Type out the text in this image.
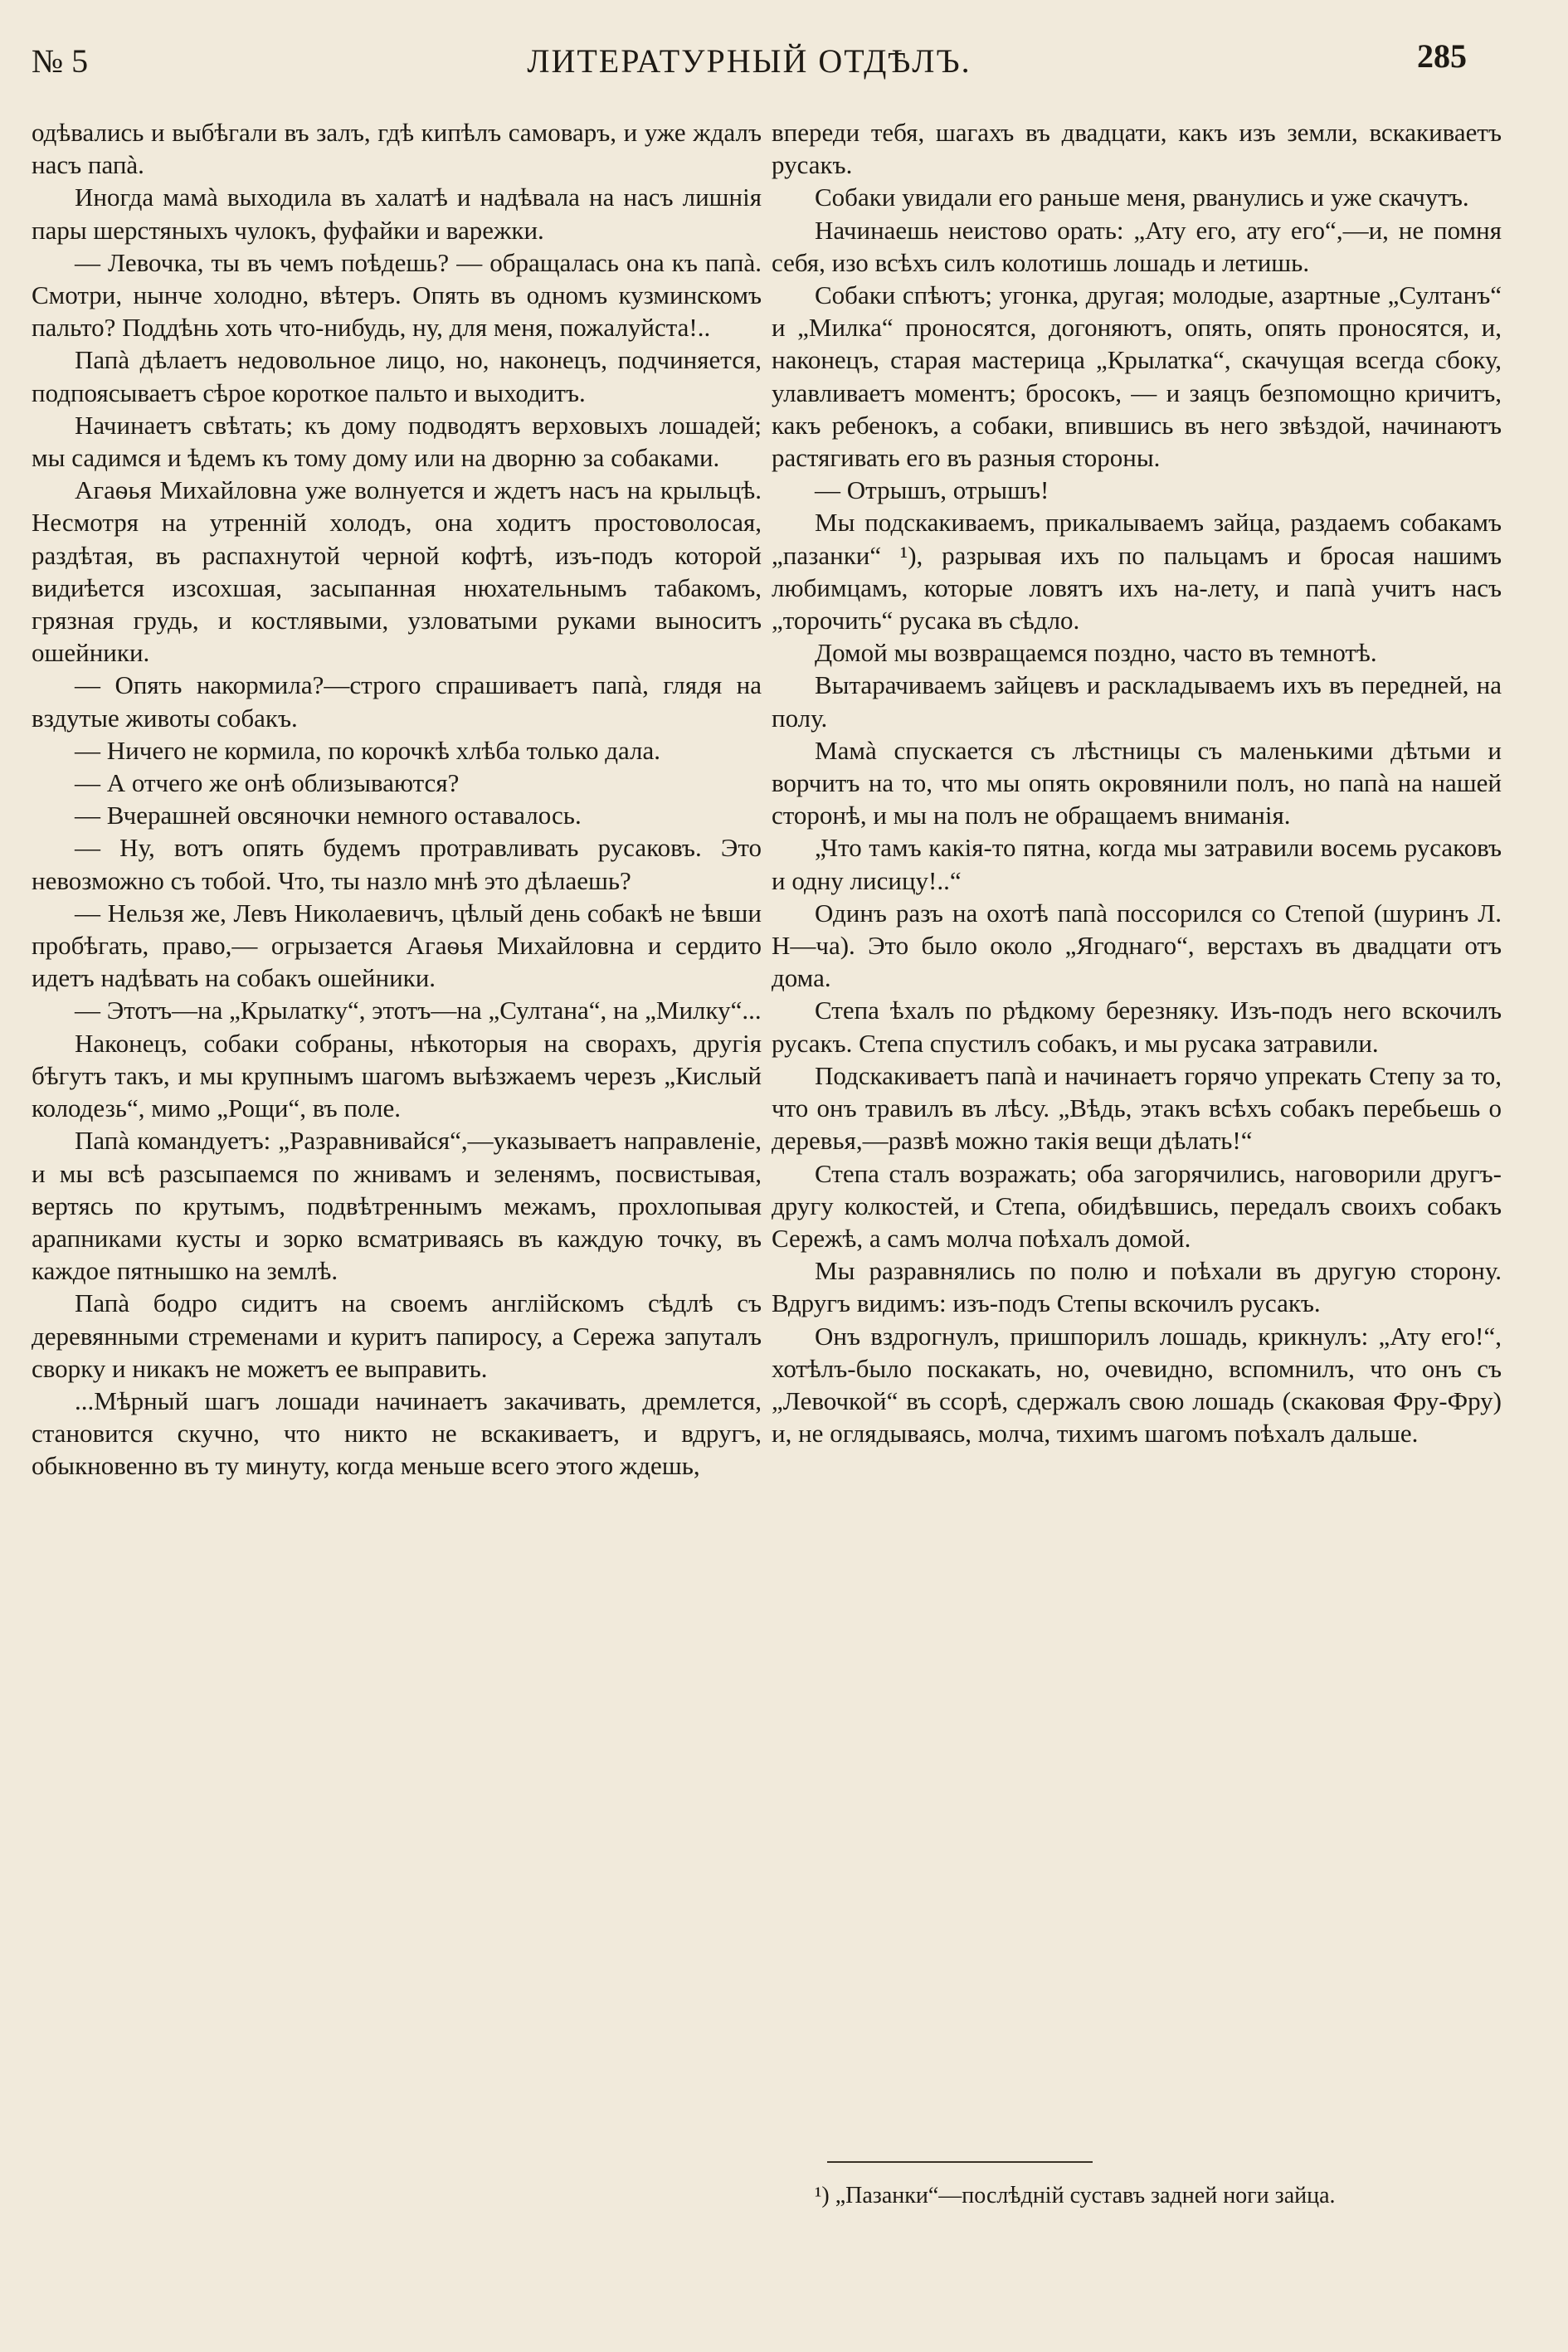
№ 5	ЛИТЕРАТУРНЫЙ ОТДѢЛЪ.	285

одѣвались и выбѣгали въ залъ, гдѣ кипѣлъ самоваръ, и уже ждалъ насъ папà.

Иногда мамà выходила въ халатѣ и надѣвала на насъ лишнія пары шерстяныхъ чулокъ, фуфайки и варежки.

— Левочка, ты въ чемъ поѣдешь? — обращалась она къ папà. Смотри, нынче холодно, вѣтеръ. Опять въ одномъ кузминскомъ пальто? Поддѣнь хоть что-нибудь, ну, для меня, пожалуйста!..

Папà дѣлаетъ недовольное лицо, но, наконецъ, подчиняется, подпоясываетъ сѣрое короткое пальто и выходитъ.

Начинаетъ свѣтать; къ дому подводятъ верховыхъ лошадей; мы садимся и ѣдемъ къ тому дому или на дворню за собаками.

Агаѳья Михайловна уже волнуется и ждетъ насъ на крыльцѣ. Несмотря на утренній холодъ, она ходитъ простоволосая, раздѣтая, въ распахнутой черной кофтѣ, изъ-подъ которой видиѣется изсохшая, засыпанная нюхательнымъ табакомъ, грязная грудь, и костлявыми, узловатыми руками выноситъ ошейники.

— Опять накормила?—строго спрашиваетъ папà, глядя на вздутые животы собакъ.

— Ничего не кормила, по корочкѣ хлѣба только дала.

— А отчего же онѣ облизываются?

— Вчерашней овсяночки немного оставалось.

— Ну, вотъ опять будемъ протравливать русаковъ. Это невозможно съ тобой. Что, ты назло мнѣ это дѣлаешь?

— Нельзя же, Левъ Николаевичъ, цѣлый день собакѣ не ѣвши пробѣгать, право,— огрызается Агаѳья Михайловна и сердито идетъ надѣвать на собакъ ошейники.

— Этотъ—на „Крылатку“, этотъ—на „Султана“, на „Милку“...

Наконецъ, собаки собраны, нѣкоторыя на сворахъ, другія бѣгутъ такъ, и мы крупнымъ шагомъ выѣзжаемъ черезъ „Кислый колодезь“, мимо „Рощи“, въ поле.

Папà командуетъ: „Разравнивайся“,—указываетъ направленіе, и мы всѣ разсыпаемся по жнивамъ и зеленямъ, посвистывая, вертясь по крутымъ, подвѣтреннымъ межамъ, прохлопывая арапниками кусты и зорко всматриваясь въ каждую точку, въ каждое пятнышко на землѣ.

Папà бодро сидитъ на своемъ англійскомъ сѣдлѣ съ деревянными стременами и куритъ папиросу, а Сережа запуталъ сворку и никакъ не можетъ ее выправить.

...Мѣрный шагъ лошади начинаетъ закачивать, дремлется, становится скучно, что никто не вскакиваетъ, и вдругъ, обыкновенно въ ту минуту, когда меньше всего этого ждешь,

впереди тебя, шагахъ въ двадцати, какъ изъ земли, вскакиваетъ русакъ.

Собаки увидали его раньше меня, рванулись и уже скачутъ.

Начинаешь неистово орать: „Ату его, ату его“,—и, не помня себя, изо всѣхъ силъ колотишь лошадь и летишь.

Собаки спѣютъ; угонка, другая; молодые, азартные „Султанъ“ и „Милка“ проносятся, догоняютъ, опять, опять проносятся, и, наконецъ, старая мастерица „Крылатка“, скачущая всегда сбоку, улавливаетъ моментъ; бросокъ, — и заяцъ безпомощно кричитъ, какъ ребенокъ, а собаки, впившись въ него звѣздой, начинаютъ растягивать его въ разныя стороны.

— Отрышъ, отрышъ!

Мы подскакиваемъ, прикалываемъ зайца, раздаемъ собакамъ „пазанки“ ¹), разрывая ихъ по пальцамъ и бросая нашимъ любимцамъ, которые ловятъ ихъ на-лету, и папà учитъ насъ „торочить“ русака въ сѣдло.

Домой мы возвращаемся поздно, часто въ темнотѣ.

Вытарачиваемъ зайцевъ и раскладываемъ ихъ въ передней, на полу.

Мамà спускается съ лѣстницы съ маленькими дѣтьми и ворчитъ на то, что мы опять окровянили полъ, но папà на нашей сторонѣ, и мы на полъ не обращаемъ вниманія.

„Что тамъ какія-то пятна, когда мы затравили восемь русаковъ и одну лисицу!..“

Одинъ разъ на охотѣ папà поссорился со Степой (шуринъ Л. Н—ча). Это было около „Ягоднаго“, верстахъ въ двадцати отъ дома.

Степа ѣхалъ по рѣдкому березняку. Изъ-подъ него вскочилъ русакъ. Степа спустилъ собакъ, и мы русака затравили.

Подскакиваетъ папà и начинаетъ горячо упрекать Степу за то, что онъ травилъ въ лѣсу. „Вѣдь, этакъ всѣхъ собакъ перебьешь о деревья,—развѣ можно такія вещи дѣлать!“

Степа сталъ возражать; оба загорячились, наговорили другъ-другу колкостей, и Степа, обидѣвшись, передалъ своихъ собакъ Сережѣ, а самъ молча поѣхалъ домой.

Мы разравнялись по полю и поѣхали въ другую сторону. Вдругъ видимъ: изъ-подъ Степы вскочилъ русакъ.

Онъ вздрогнулъ, пришпорилъ лошадь, крикнулъ: „Ату его!“, хотѣлъ-было поскакать, но, очевидно, вспомнилъ, что онъ съ „Левочкой“ въ ссорѣ, сдержалъ свою лошадь (скаковая Фру-Фру) и, не оглядываясь, молча, тихимъ шагомъ поѣхалъ дальше.

¹) „Пазанки“—послѣдній суставъ задней ноги зайца.
